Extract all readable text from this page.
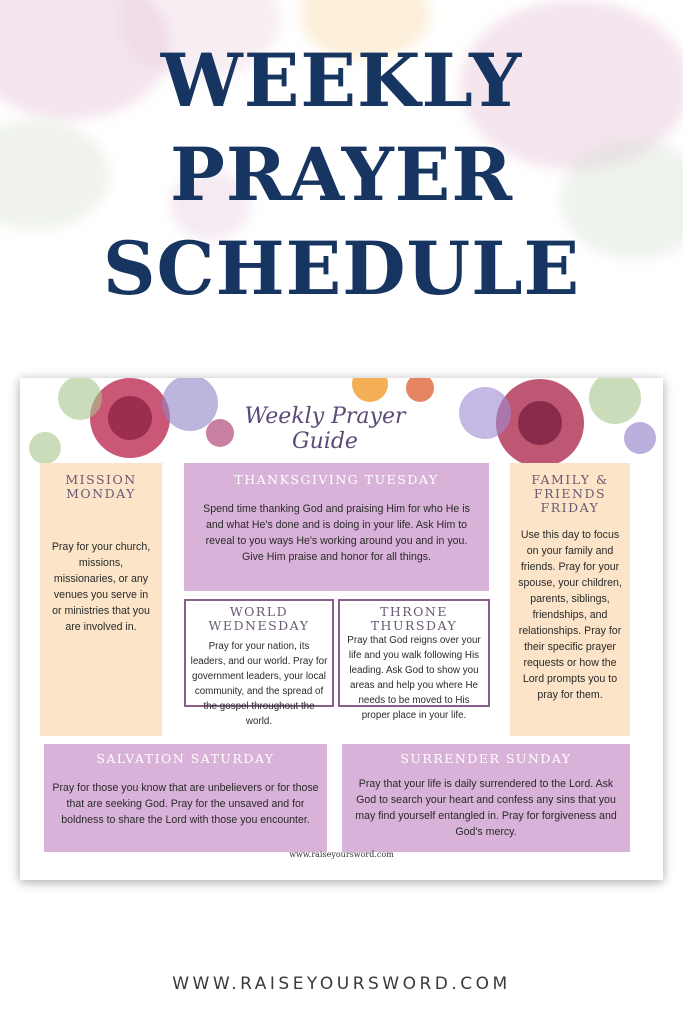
WEEKLY
PRAYER
SCHEDULE
Weekly Prayer Guide
MISSION
MONDAY
Pray for your church, missions, missionaries, or any venues you serve in or ministries that you are involved in.
THANKSGIVING TUESDAY
Spend time thanking God and praising Him for who He is and what He's done and is doing in your life. Ask Him to reveal to you ways He's working around you and in you. Give Him praise and honor for all things.
FAMILY &
FRIENDS
FRIDAY
Use this day to focus on your family and friends. Pray for your spouse, your children, parents, siblings, friendships, and relationships. Pray for their specific prayer requests or how the Lord prompts you to pray for them.
WORLD
WEDNESDAY
Pray for your nation, its leaders, and our world. Pray for government leaders, your local community, and the spread of the gospel throughout the world.
THRONE
THURSDAY
Pray that God reigns over your life and you walk following His leading. Ask God to show you areas and help you where He needs to be moved to His proper place in your life.
SALVATION SATURDAY
Pray for those you know that are unbelievers or for those that are seeking God. Pray for the unsaved and for boldness to share the Lord with those you encounter.
SURRENDER SUNDAY
Pray that your life is daily surrendered to the Lord. Ask God to search your heart and confess any sins that you may find yourself entangled in. Pray for forgiveness and God's mercy.
www.raiseyoursword.com
WWW.RAISEYOURSWORD.COM
